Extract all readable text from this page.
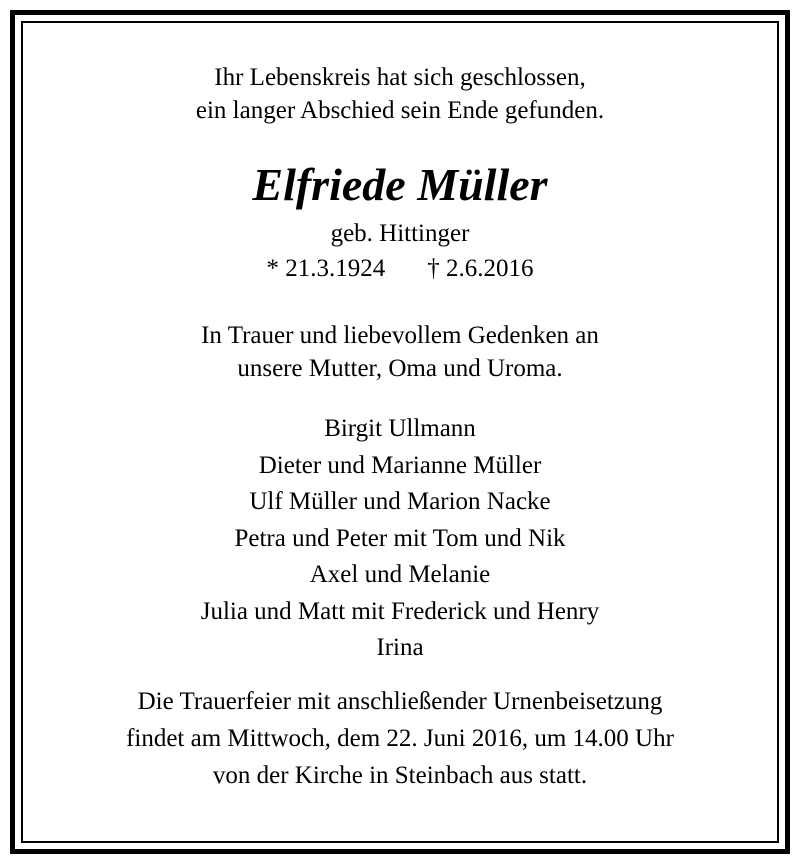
Ihr Lebenskreis hat sich geschlossen,
ein langer Abschied sein Ende gefunden.
Elfriede Müller
geb. Hittinger
* 21.3.1924 † 2.6.2016
In Trauer und liebevollem Gedenken an
unsere Mutter, Oma und Uroma.
Birgit Ullmann
Dieter und Marianne Müller
Ulf Müller und Marion Nacke
Petra und Peter mit Tom und Nik
Axel und Melanie
Julia und Matt mit Frederick und Henry
Irina
Die Trauerfeier mit anschließender Urnenbeisetzung
findet am Mittwoch, dem 22. Juni 2016, um 14.00 Uhr
von der Kirche in Steinbach aus statt.
